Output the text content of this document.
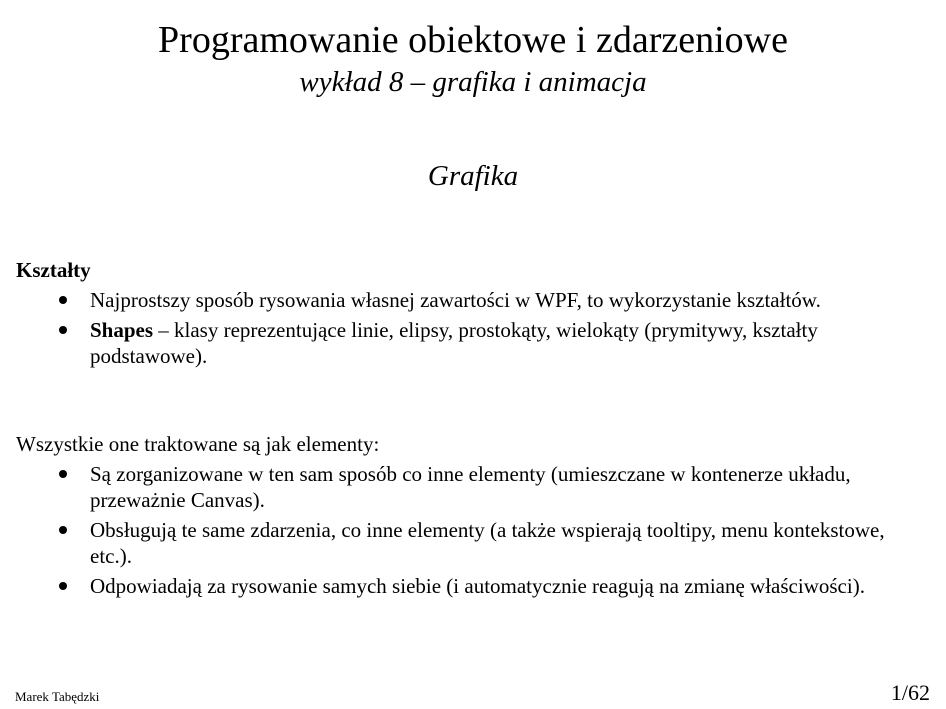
Programowanie obiektowe i zdarzeniowe
wykład 8 – grafika i animacja
Grafika
Kształty
Najprostszy sposób rysowania własnej zawartości w WPF, to wykorzystanie kształtów.
Shapes – klasy reprezentujące linie, elipsy, prostokąty, wielokąty (prymitywy, kształty podstawowe).
Wszystkie one traktowane są jak elementy:
Są zorganizowane w ten sam sposób co inne elementy (umieszczane w kontenerze układu, przeważnie Canvas).
Obsługują te same zdarzenia, co inne elementy (a także wspierają tooltipy, menu kontekstowe, etc.).
Odpowiadają za rysowanie samych siebie (i automatycznie reagują na zmianę właściwości).
Marek Tabędzki	1/62
